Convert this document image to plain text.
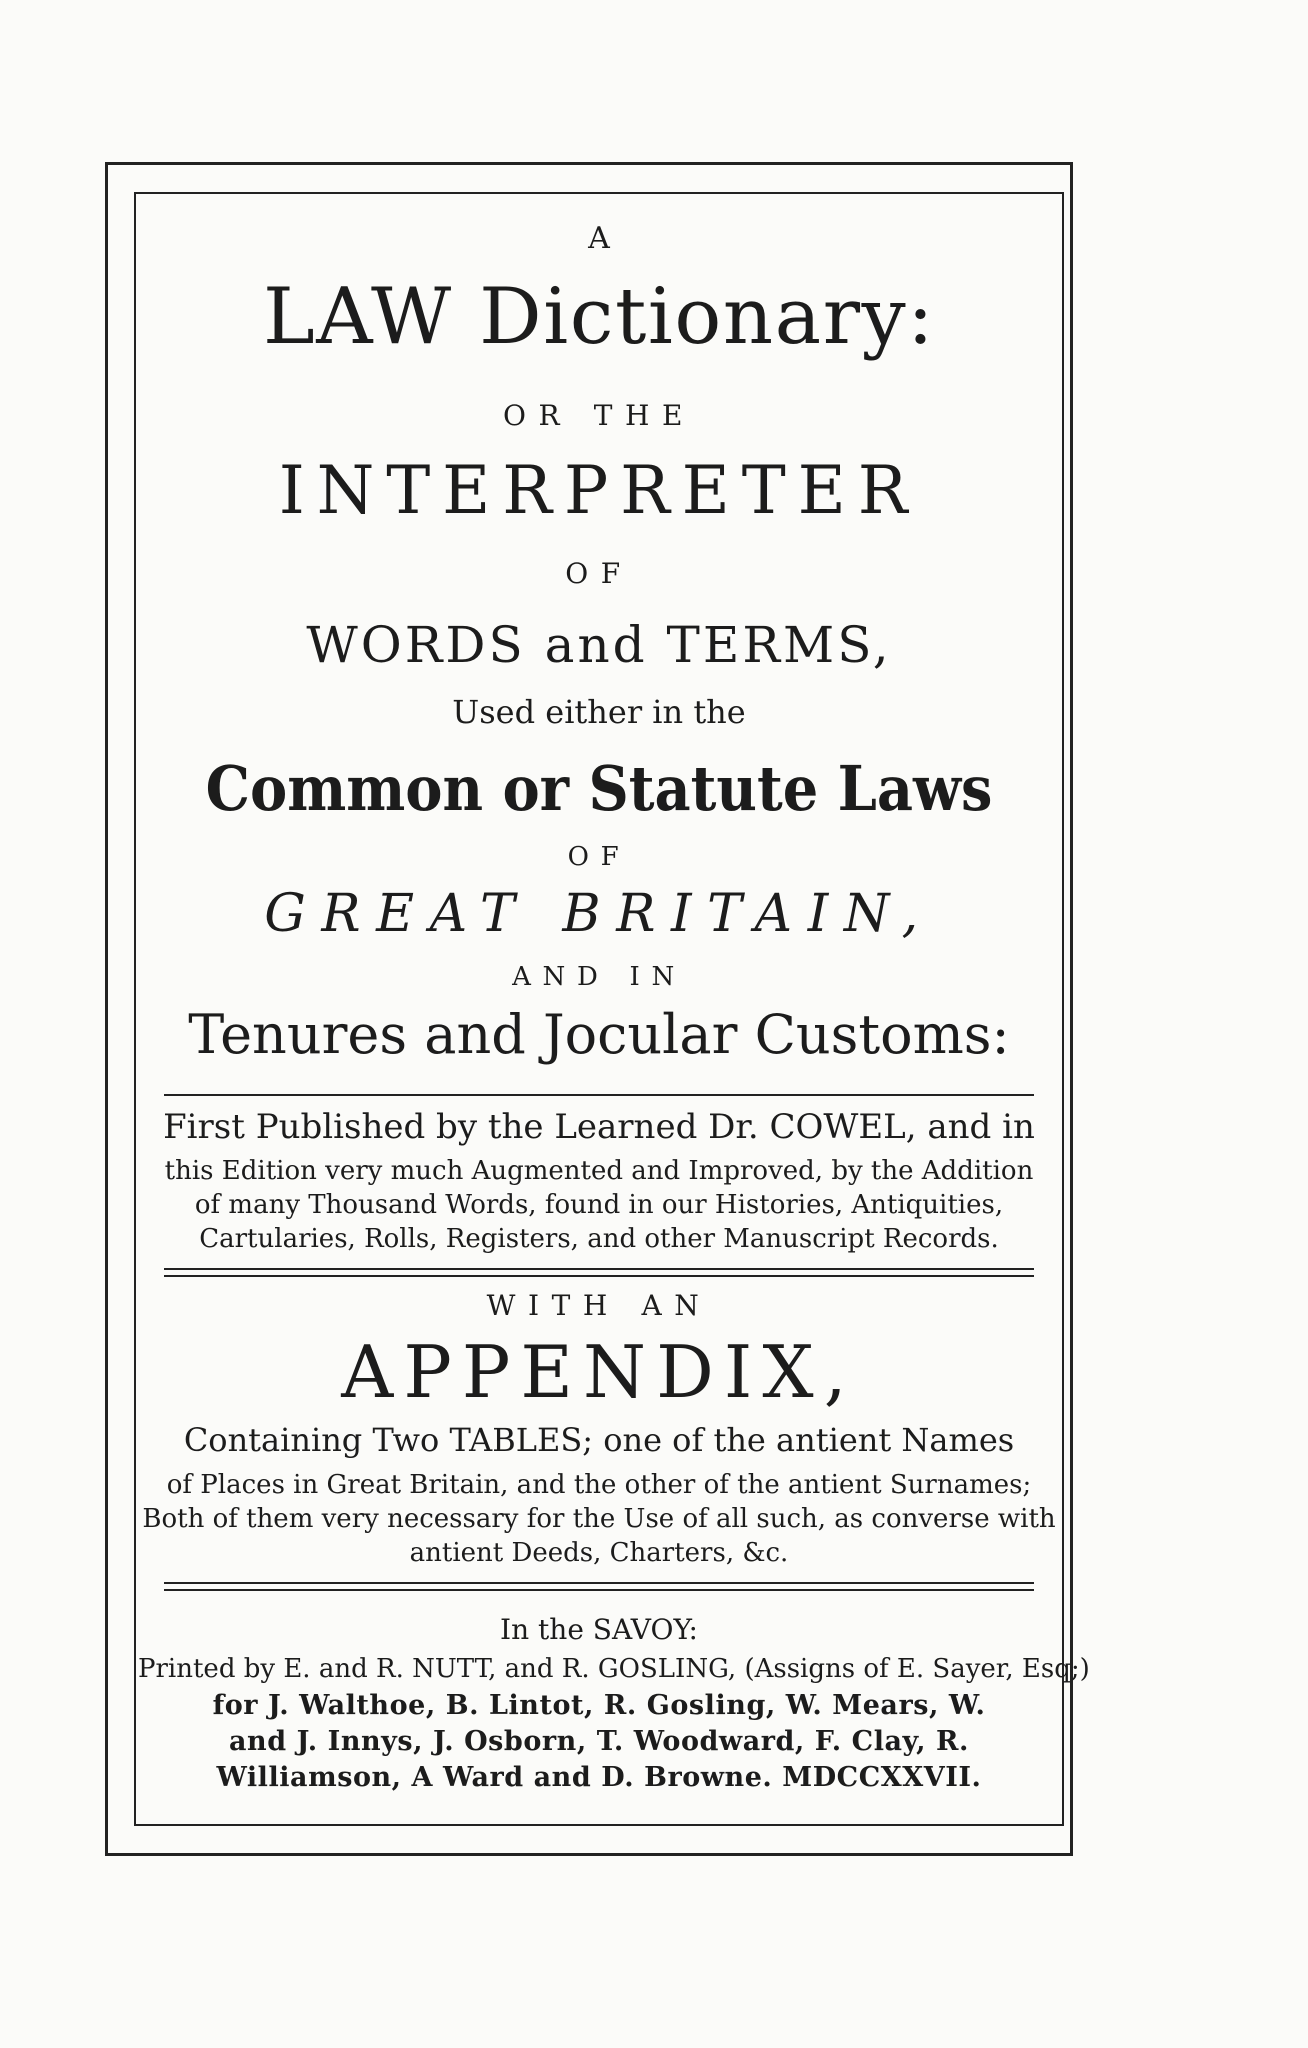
A
LAW Dictionary:
OR THE
INTERPRETER
OF
WORDS and TERMS,
Used either in the
Common or Statute Laws
OF
GREAT BRITAIN,
AND IN
Tenures and Jocular Customs:
First Published by the Learned Dr. COWEL, and in
this Edition very much Augmented and Improved, by the Addition
of many Thousand Words, found in our Histories, Antiquities,
Cartularies, Rolls, Registers, and other Manuscript Records.
WITH AN
APPENDIX,
Containing Two TABLES; one of the antient Names
of Places in Great Britain, and the other of the antient Surnames;
Both of them very necessary for the Use of all such, as converse with
antient Deeds, Charters, &c.
In the SAVOY:
Printed by E. and R. NUTT, and R. GOSLING, (Assigns of E. Sayer, Esq;)
for J. Walthoe, B. Lintot, R. Gosling, W. Mears, W.
and J. Innys, J. Osborn, T. Woodward, F. Clay, R.
Williamson, A Ward and D. Browne. MDCCXXVII.
